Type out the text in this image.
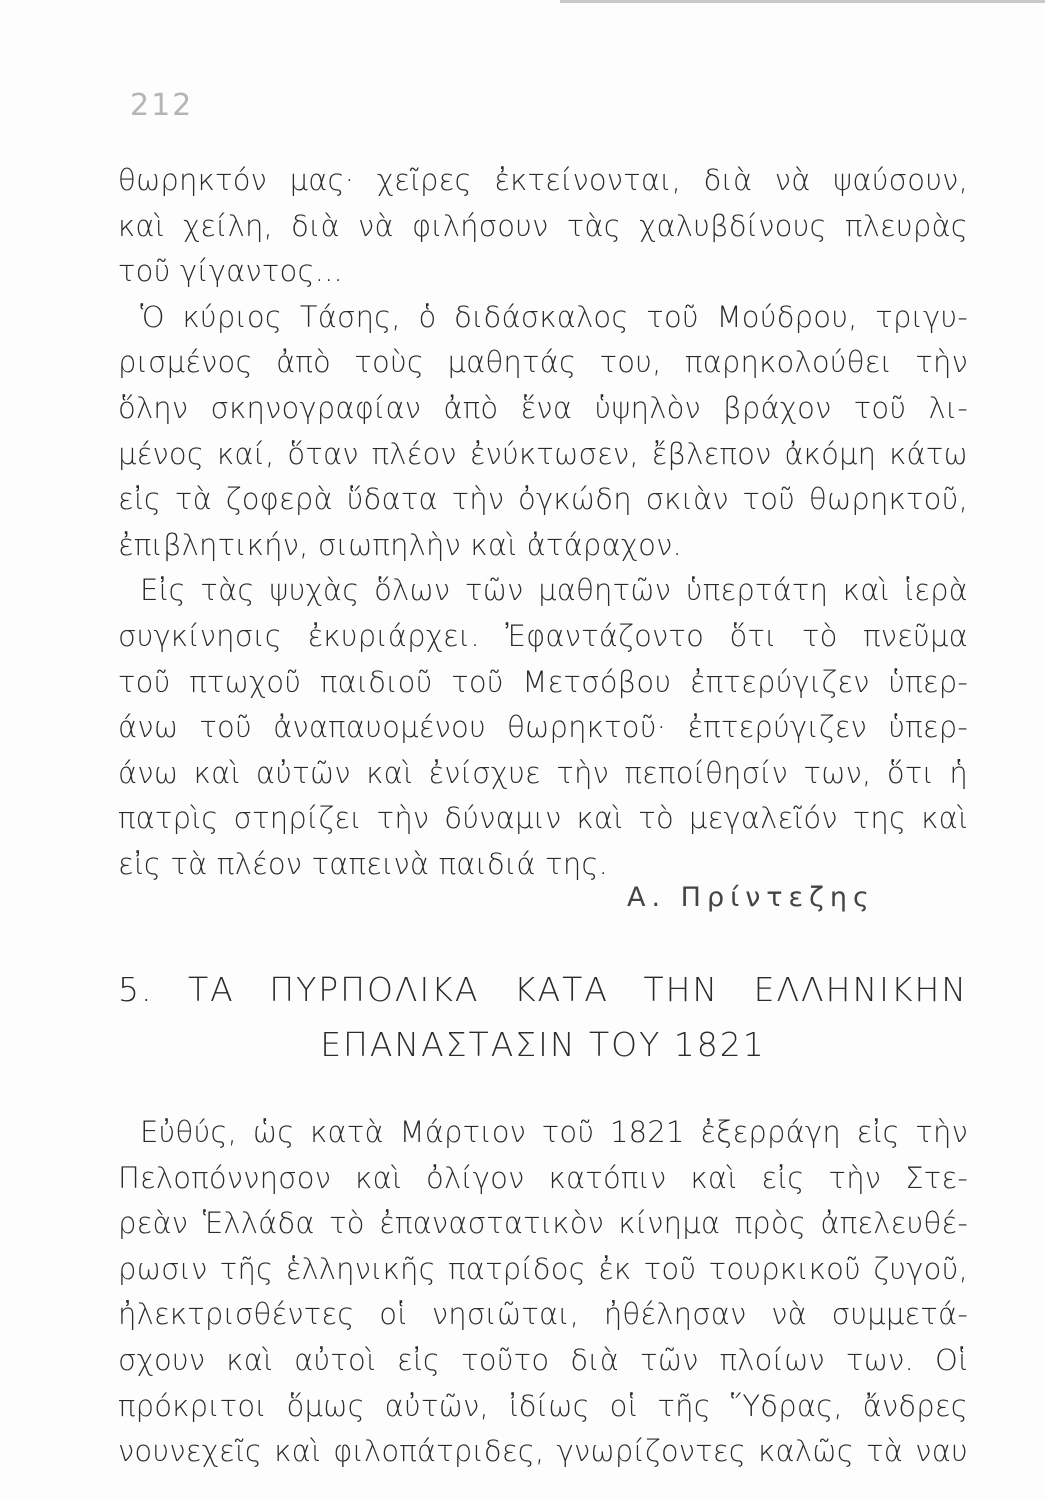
212
θωρηκτόν μας· χεῖρες ἐκτείνονται, διὰ νὰ ψαύσουν,
καὶ χείλη, διὰ νὰ φιλήσουν τὰς χαλυβδίνους πλευρὰς
τοῦ γίγαντος...
Ὁ κύριος Τάσης, ὁ διδάσκαλος τοῦ Μούδρου, τριγυ-
ρισμένος ἀπὸ τοὺς μαθητάς του, παρηκολούθει τὴν
ὅλην σκηνογραφίαν ἀπὸ ἕνα ὑψηλὸν βράχον τοῦ λι-
μένος καί, ὅταν πλέον ἐνύκτωσεν, ἔβλεπον ἀκόμη κάτω
εἰς τὰ ζοφερὰ ὕδατα τὴν ὀγκώδη σκιὰν τοῦ θωρηκτοῦ,
ἐπιβλητικήν, σιωπηλὴν καὶ ἀτάραχον.
Εἰς τὰς ψυχὰς ὅλων τῶν μαθητῶν ὑπερτάτη καὶ ἱερὰ
συγκίνησις ἐκυριάρχει. Ἐφαντάζοντο ὅτι τὸ πνεῦμα
τοῦ πτωχοῦ παιδιοῦ τοῦ Μετσόβου ἐπτερύγιζεν ὑπερ-
άνω τοῦ ἀναπαυομένου θωρηκτοῦ· ἐπτερύγιζεν ὑπερ-
άνω καὶ αὐτῶν καὶ ἐνίσχυε τὴν πεποίθησίν των, ὅτι ἡ
πατρὶς στηρίζει τὴν δύναμιν καὶ τὸ μεγαλεῖόν της καὶ
εἰς τὰ πλέον ταπεινὰ παιδιά της.
Α. Πρίντεζης
5. ΤΑ ΠΥΡΠΟΛΙΚΑ ΚΑΤΑ ΤΗΝ ΕΛΛΗΝΙΚΗΝ
ΕΠΑΝΑΣΤΑΣΙΝ ΤΟΥ 1821
Εὐθύς, ὡς κατὰ Μάρτιον τοῦ 1821 ἐξερράγη εἰς τὴν
Πελοπόννησον καὶ ὀλίγον κατόπιν καὶ εἰς τὴν Στε-
ρεὰν Ἑλλάδα τὸ ἐπαναστατικὸν κίνημα πρὸς ἀπελευθέ-
ρωσιν τῆς ἑλληνικῆς πατρίδος ἐκ τοῦ τουρκικοῦ ζυγοῦ,
ἠλεκτρισθέντες οἱ νησιῶται, ἠθέλησαν νὰ συμμετά-
σχουν καὶ αὐτοὶ εἰς τοῦτο διὰ τῶν πλοίων των. Οἱ
πρόκριτοι ὅμως αὐτῶν, ἰδίως οἱ τῆς Ὕδρας, ἄνδρες
νουνεχεῖς καὶ φιλοπάτριδες, γνωρίζοντες καλῶς τὰ ναυ
